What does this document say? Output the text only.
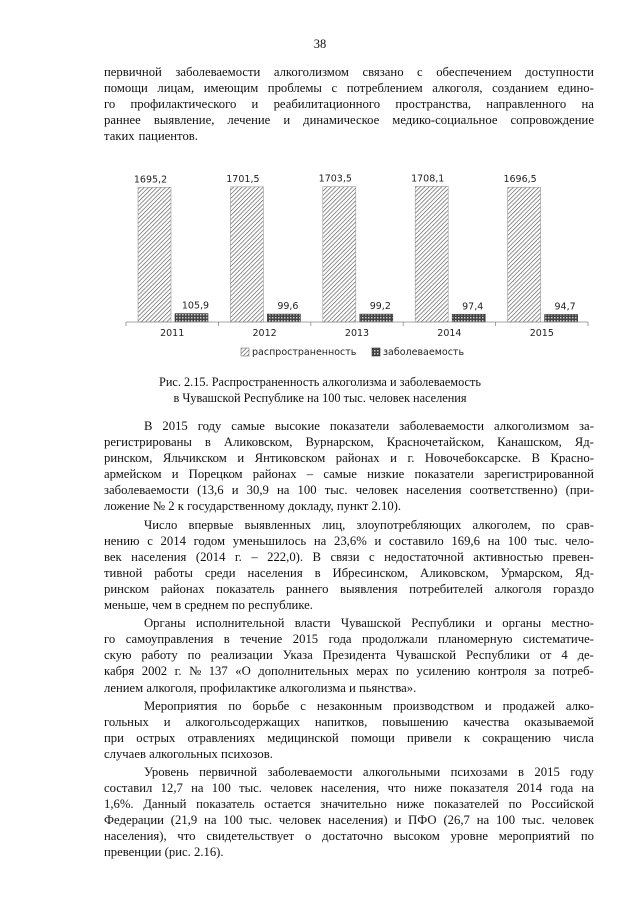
38
первичной заболеваемости алкоголизмом связано с обеспечением доступности
помощи лицам, имеющим проблемы с потреблением алкоголя, созданием едино-
го профилактического и реабилитационного пространства, направленного на
раннее выявление, лечение и динамическое медико-социальное сопровождение
таких пациентов.
1695,2
105,9
2011
1701,5
99,6
2012
1703,5
99,2
2013
1708,1
97,4
2014
1696,5
94,7
2015
распространенность	заболеваемость
Рис. 2.15. Распространенность алкоголизма и заболеваемость
в Чувашской Республике на 100 тыс. человек населения
В 2015 году самые высокие показатели заболеваемости алкоголизмом за-
регистрированы в Аликовском, Вурнарском, Красночетайском, Канашском, Яд-
ринском, Яльчикском и Янтиковском районах и г. Новочебоксарске. В Красно-
армейском и Порецком районах – самые низкие показатели зарегистрированной
заболеваемости (13,6 и 30,9 на 100 тыс. человек населения соответственно) (при-
ложение № 2 к государственному докладу, пункт 2.10).
Число впервые выявленных лиц, злоупотребляющих алкоголем, по срав-
нению с 2014 годом уменьшилось на 23,6% и составило 169,6 на 100 тыс. чело-
век населения (2014 г. – 222,0). В связи с недостаточной активностью превен-
тивной работы среди населения в Ибресинском, Аликовском, Урмарском, Яд-
ринском районах показатель раннего выявления потребителей алкоголя гораздо
меньше, чем в среднем по республике.
Органы исполнительной власти Чувашской Республики и органы местно-
го самоуправления в течение 2015 года продолжали планомерную систематиче-
скую работу по реализации Указа Президента Чувашской Республики от 4 де-
кабря 2002 г. № 137 «О дополнительных мерах по усилению контроля за потреб-
лением алкоголя, профилактике алкоголизма и пьянства».
Мероприятия по борьбе с незаконным производством и продажей алко-
гольных и алкогольсодержащих напитков, повышению качества оказываемой
при острых отравлениях медицинской помощи привели к сокращению числа
случаев алкогольных психозов.
Уровень первичной заболеваемости алкогольными психозами в 2015 году
составил 12,7 на 100 тыс. человек населения, что ниже показателя 2014 года на
1,6%. Данный показатель остается значительно ниже показателей по Российской
Федерации (21,9 на 100 тыс. человек населения) и ПФО (26,7 на 100 тыс. человек
населения), что свидетельствует о достаточно высоком уровне мероприятий по
превенции (рис. 2.16).
